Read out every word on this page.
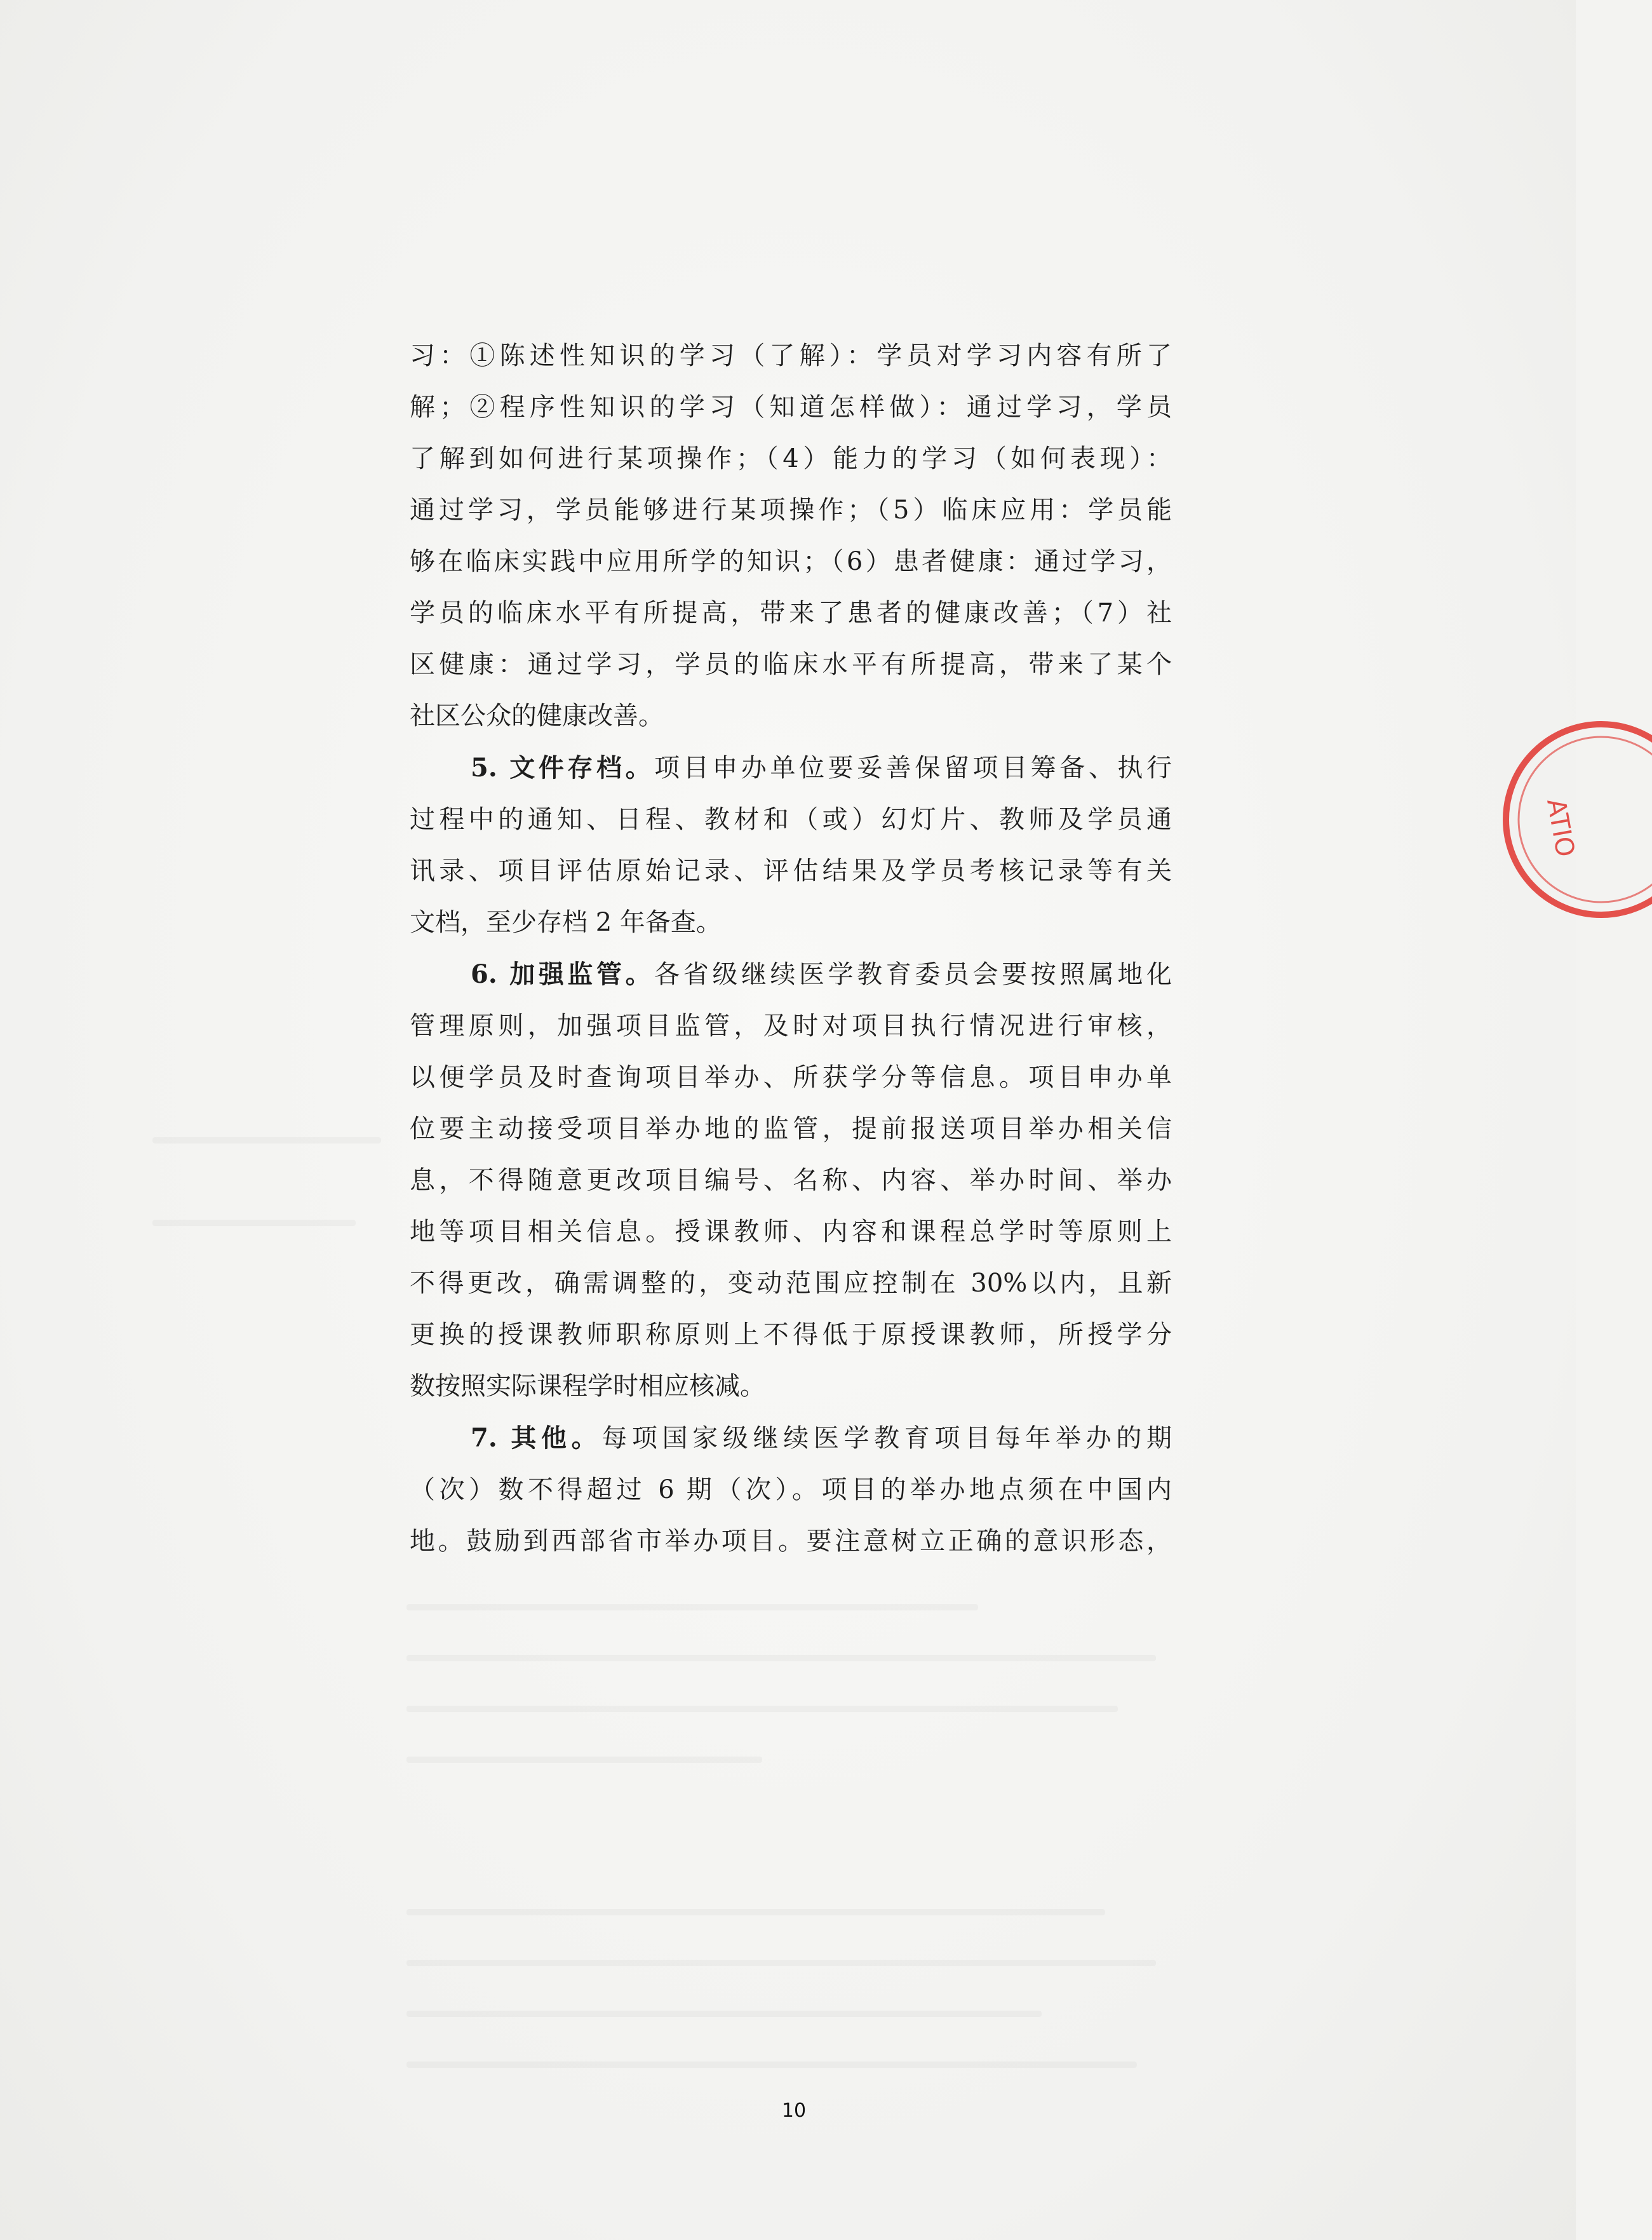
习：①陈述性知识的学习（了解）：学员对学习内容有所了

解；②程序性知识的学习（知道怎样做）：通过学习，学员

了解到如何进行某项操作；（4）能力的学习（如何表现）：

通过学习，学员能够进行某项操作；（5）临床应用：学员能

够在临床实践中应用所学的知识；（6）患者健康：通过学习，

学员的临床水平有所提高，带来了患者的健康改善；（7）社

区健康：通过学习，学员的临床水平有所提高，带来了某个

社区公众的健康改善。

5. 文件存档。项目申办单位要妥善保留项目筹备、执行

过程中的通知、日程、教材和（或）幻灯片、教师及学员通

讯录、项目评估原始记录、评估结果及学员考核记录等有关

文档，至少存档 2 年备查。

6. 加强监管。各省级继续医学教育委员会要按照属地化

管理原则，加强项目监管，及时对项目执行情况进行审核，

以便学员及时查询项目举办、所获学分等信息。项目申办单

位要主动接受项目举办地的监管，提前报送项目举办相关信

息，不得随意更改项目编号、名称、内容、举办时间、举办

地等项目相关信息。授课教师、内容和课程总学时等原则上

不得更改，确需调整的，变动范围应控制在 30%以内，且新

更换的授课教师职称原则上不得低于原授课教师，所授学分

数按照实际课程学时相应核减。

7. 其他。每项国家级继续医学教育项目每年举办的期

（次）数不得超过 6 期（次）。项目的举办地点须在中国内

地。鼓励到西部省市举办项目。要注意树立正确的意识形态，

ATIO
10
